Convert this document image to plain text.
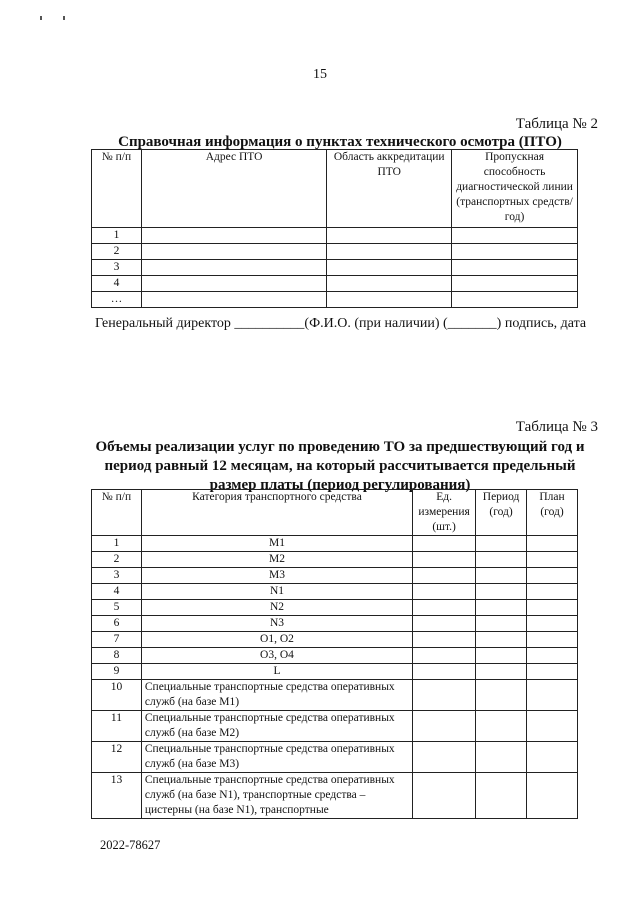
15
Таблица № 2
Справочная информация о пунктах технического осмотра (ПТО)
№ п/п	Адрес ПТО	Область аккредитации ПТО	Пропускная способность диагностической линии (транспортных средств/год)
1			
2			
3			
4			
…			
Генеральный директор __________(Ф.И.О. (при наличии) (_______) подпись, дата
Таблица № 3
Объемы реализации услуг по проведению ТО за предшествующий год и период равный 12 месяцам, на который рассчитывается предельный размер платы (период регулирования)
№ п/п	Категория транспортного средства	Ед. измерения (шт.)	Период (год)	План (год)
1	M1			
2	M2			
3	M3			
4	N1			
5	N2			
6	N3			
7	O1, O2			
8	O3, O4			
9	L			
10	Специальные транспортные средства оперативных служб (на базе M1)			
11	Специальные транспортные средства оперативных служб (на базе M2)			
12	Специальные транспортные средства оперативных служб (на базе M3)			
13	Специальные транспортные средства оперативных служб (на базе N1), транспортные средства – цистерны (на базе N1), транспортные			
2022-78627
